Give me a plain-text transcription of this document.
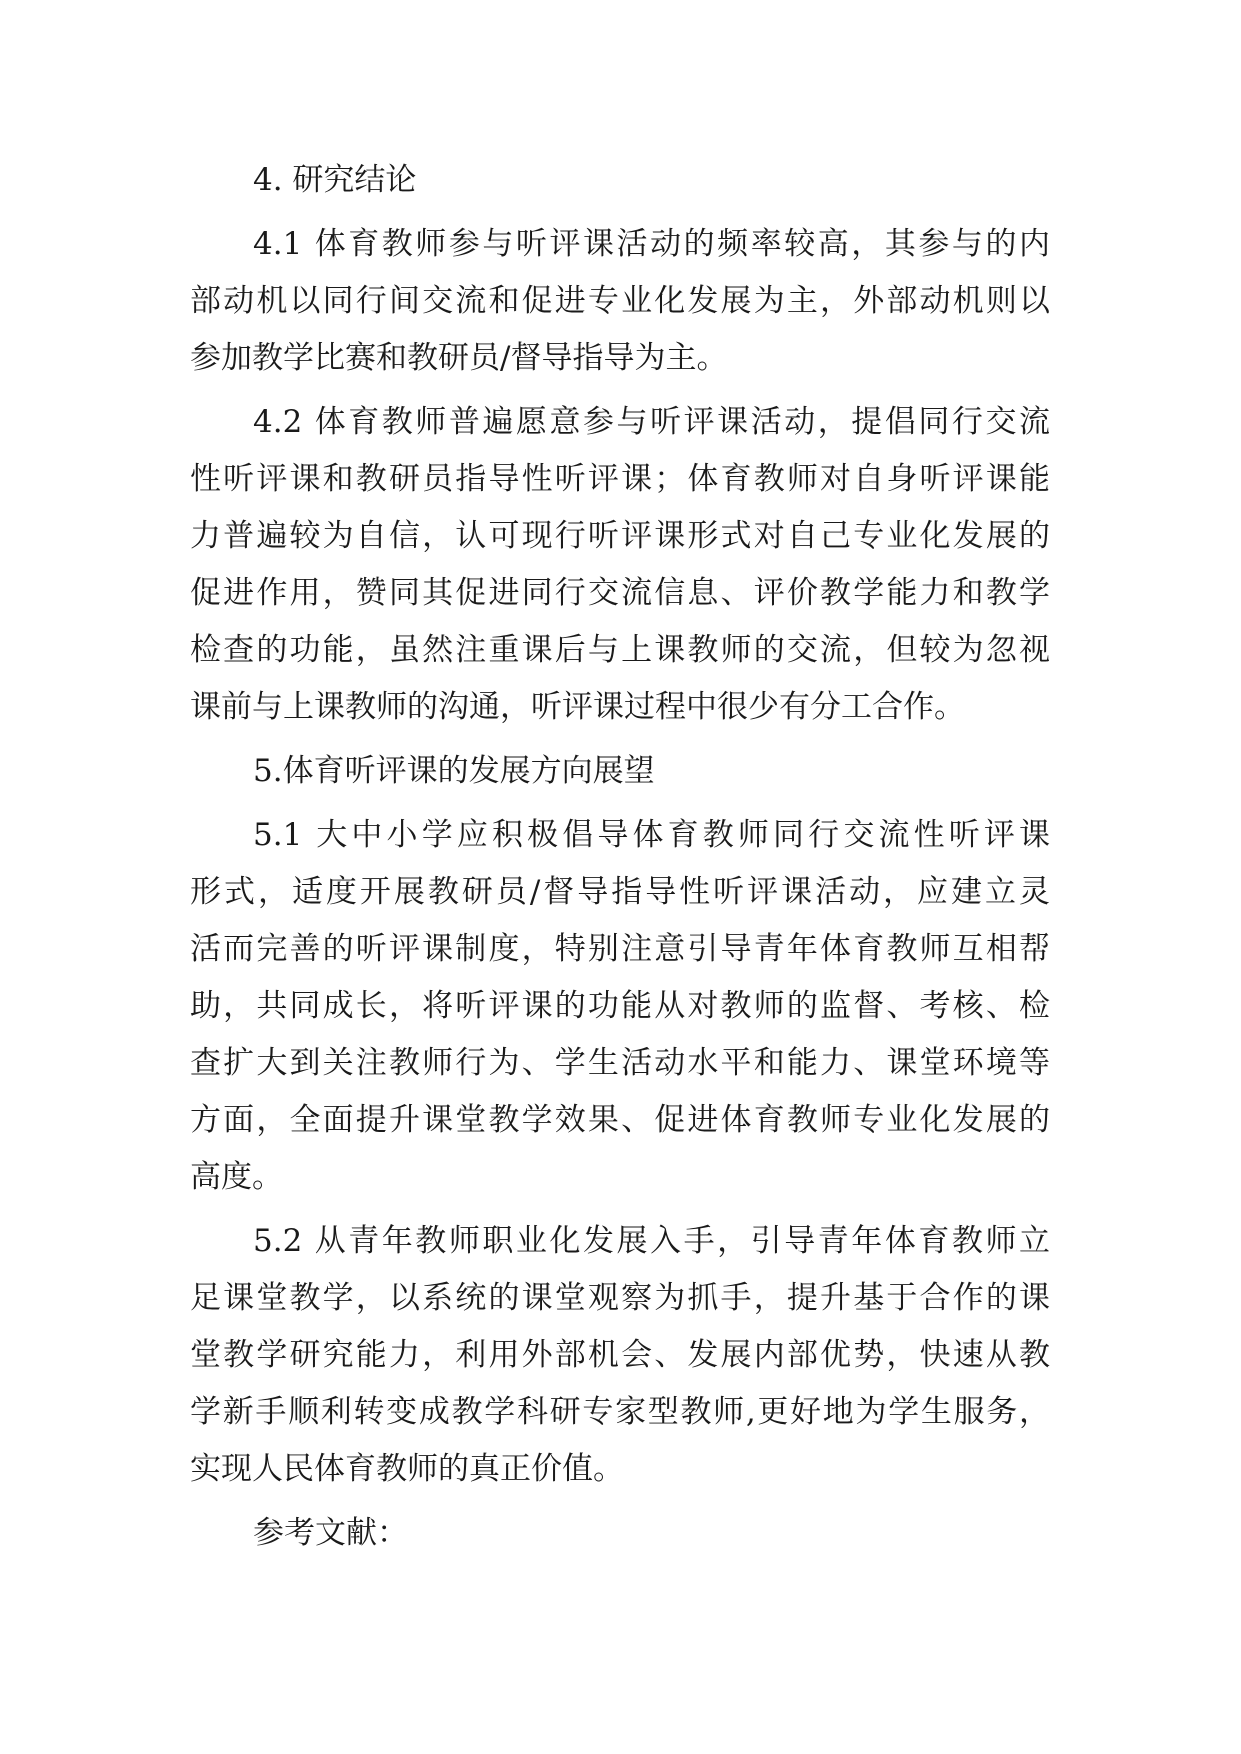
4. 研究结论
4.1 体育教师参与听评课活动的频率较高，其参与的内
部动机以同行间交流和促进专业化发展为主，外部动机则以
参加教学比赛和教研员/督导指导为主。
4.2 体育教师普遍愿意参与听评课活动，提倡同行交流
性听评课和教研员指导性听评课；体育教师对自身听评课能
力普遍较为自信，认可现行听评课形式对自己专业化发展的
促进作用，赞同其促进同行交流信息、评价教学能力和教学
检查的功能，虽然注重课后与上课教师的交流，但较为忽视
课前与上课教师的沟通，听评课过程中很少有分工合作。
5.体育听评课的发展方向展望
5.1 大中小学应积极倡导体育教师同行交流性听评课
形式，适度开展教研员/督导指导性听评课活动，应建立灵
活而完善的听评课制度，特别注意引导青年体育教师互相帮
助，共同成长，将听评课的功能从对教师的监督、考核、检
查扩大到关注教师行为、学生活动水平和能力、课堂环境等
方面，全面提升课堂教学效果、促进体育教师专业化发展的
高度。
5.2 从青年教师职业化发展入手，引导青年体育教师立
足课堂教学，以系统的课堂观察为抓手，提升基于合作的课
堂教学研究能力，利用外部机会、发展内部优势，快速从教
学新手顺利转变成教学科研专家型教师,更好地为学生服务，
实现人民体育教师的真正价值。
参考文献：
